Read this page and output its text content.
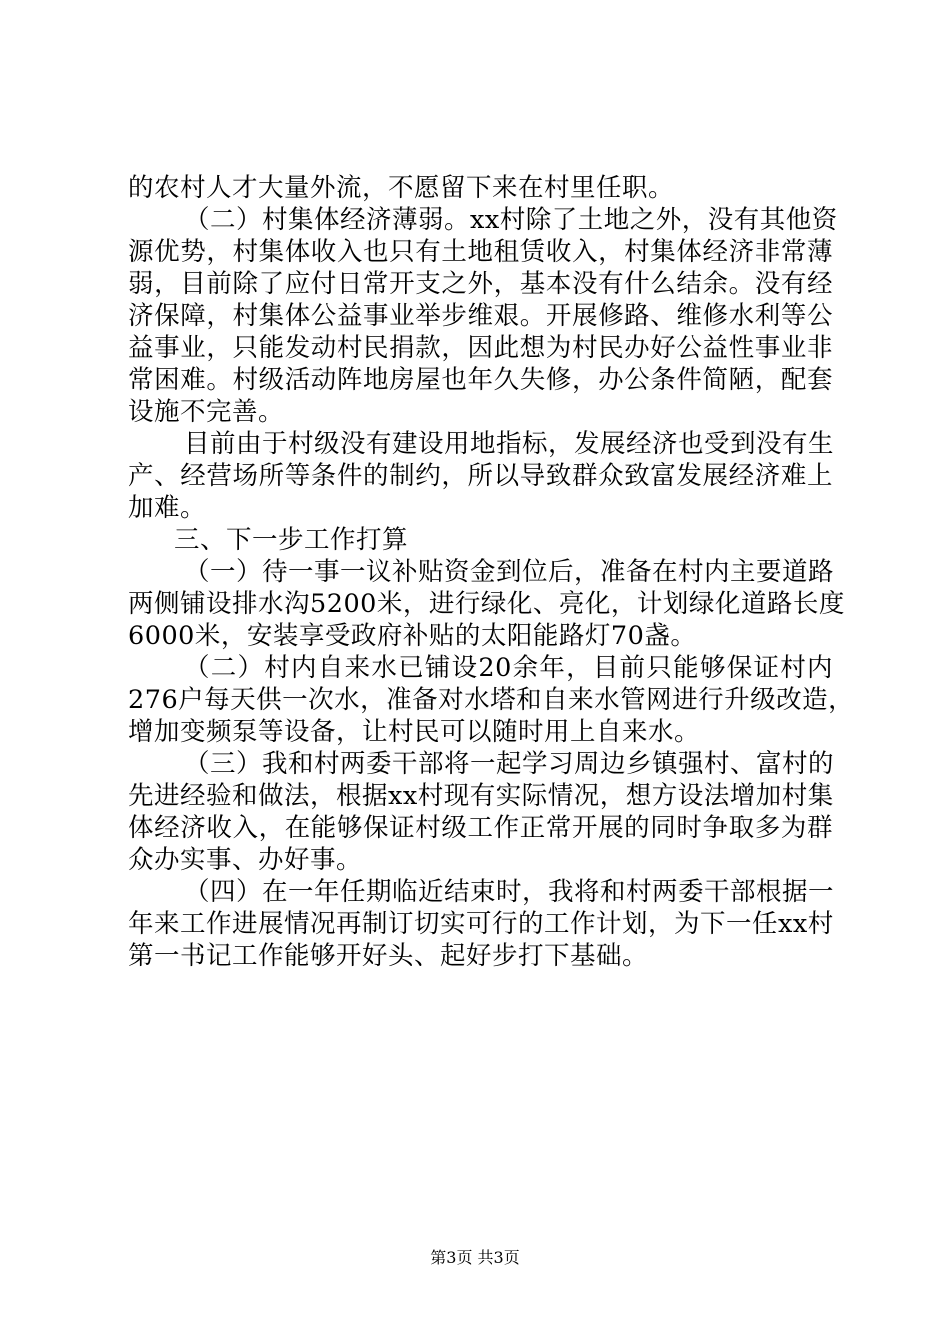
的农村人才大量外流，不愿留下来在村里任职。
（二）村集体经济薄弱。xx村除了土地之外，没有其他资
源优势，村集体收入也只有土地租赁收入，村集体经济非常薄
弱，目前除了应付日常开支之外，基本没有什么结余。没有经
济保障，村集体公益事业举步维艰。开展修路、维修水利等公
益事业，只能发动村民捐款，因此想为村民办好公益性事业非
常困难。村级活动阵地房屋也年久失修，办公条件简陋，配套
设施不完善。
目前由于村级没有建设用地指标，发展经济也受到没有生
产、经营场所等条件的制约，所以导致群众致富发展经济难上
加难。
三、下一步工作打算
（一）待一事一议补贴资金到位后，准备在村内主要道路
两侧铺设排水沟5200米，进行绿化、亮化，计划绿化道路长度
6000米，安装享受政府补贴的太阳能路灯70盏。
（二）村内自来水已铺设20余年，目前只能够保证村内
276户每天供一次水，准备对水塔和自来水管网进行升级改造，
增加变频泵等设备，让村民可以随时用上自来水。
（三）我和村两委干部将一起学习周边乡镇强村、富村的
先进经验和做法，根据xx村现有实际情况，想方设法增加村集
体经济收入，在能够保证村级工作正常开展的同时争取多为群
众办实事、办好事。
（四）在一年任期临近结束时，我将和村两委干部根据一
年来工作进展情况再制订切实可行的工作计划，为下一任xx村
第一书记工作能够开好头、起好步打下基础。
第3页 共3页
